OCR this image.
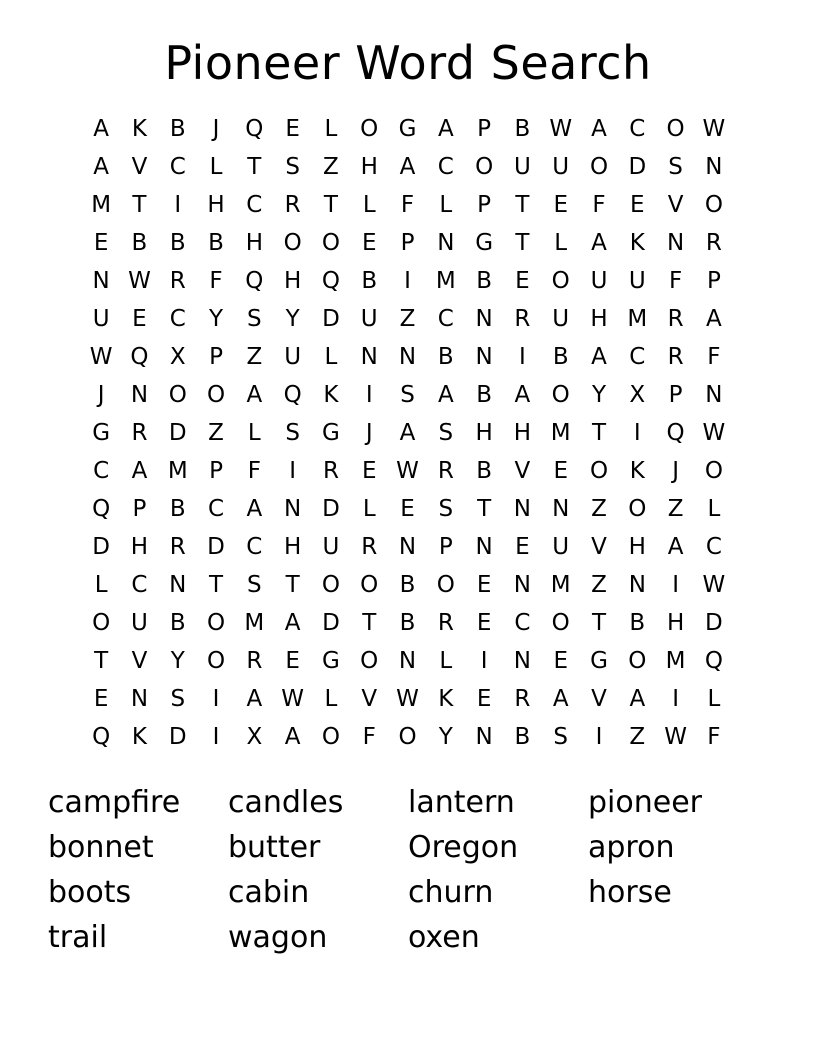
Pioneer Word Search
A K B	J	Q E	L O G A	P	B W A C O W
A V C	L	T	S	Z H A C O U U O D S N
M T	I	H C R	T	L	F	L	P	T	E	F	E	V O
E	B B B H O O E	P N G T	L	A K N R
N W R	F Q H Q B	I	M B	E O U U	F	P
U E C	Y	S	Y D U Z C N R U H M R A
W Q X	P	Z U	L	N N B N	I	B A C R	F
J	N O O A Q K	I	S	A B A O Y	X	P N
G R D Z	L	S G	J	A	S H H M T	I	Q W
C A M P	F	I	R	E W R B V	E O K	J	O
Q P	B C A N D	L	E	S	T N N Z O Z	L
D H R D C H U R N P N E U V H A C
L	C N T	S	T O O B O E N M Z N	I	W
O U B O M A D T	B R	E C O T	B H D
T	V	Y O R	E G O N	L	I	N E G O M Q
E N S	I	A W L	V W K	E	R A V A	I	L
Q K D	I	X A O F O Y N B	S	I	Z W F
campfire	candles	lantern	pioneer
bonnet	butter	Oregon	apron
boots	cabin	churn	horse
trail	wagon	oxen
